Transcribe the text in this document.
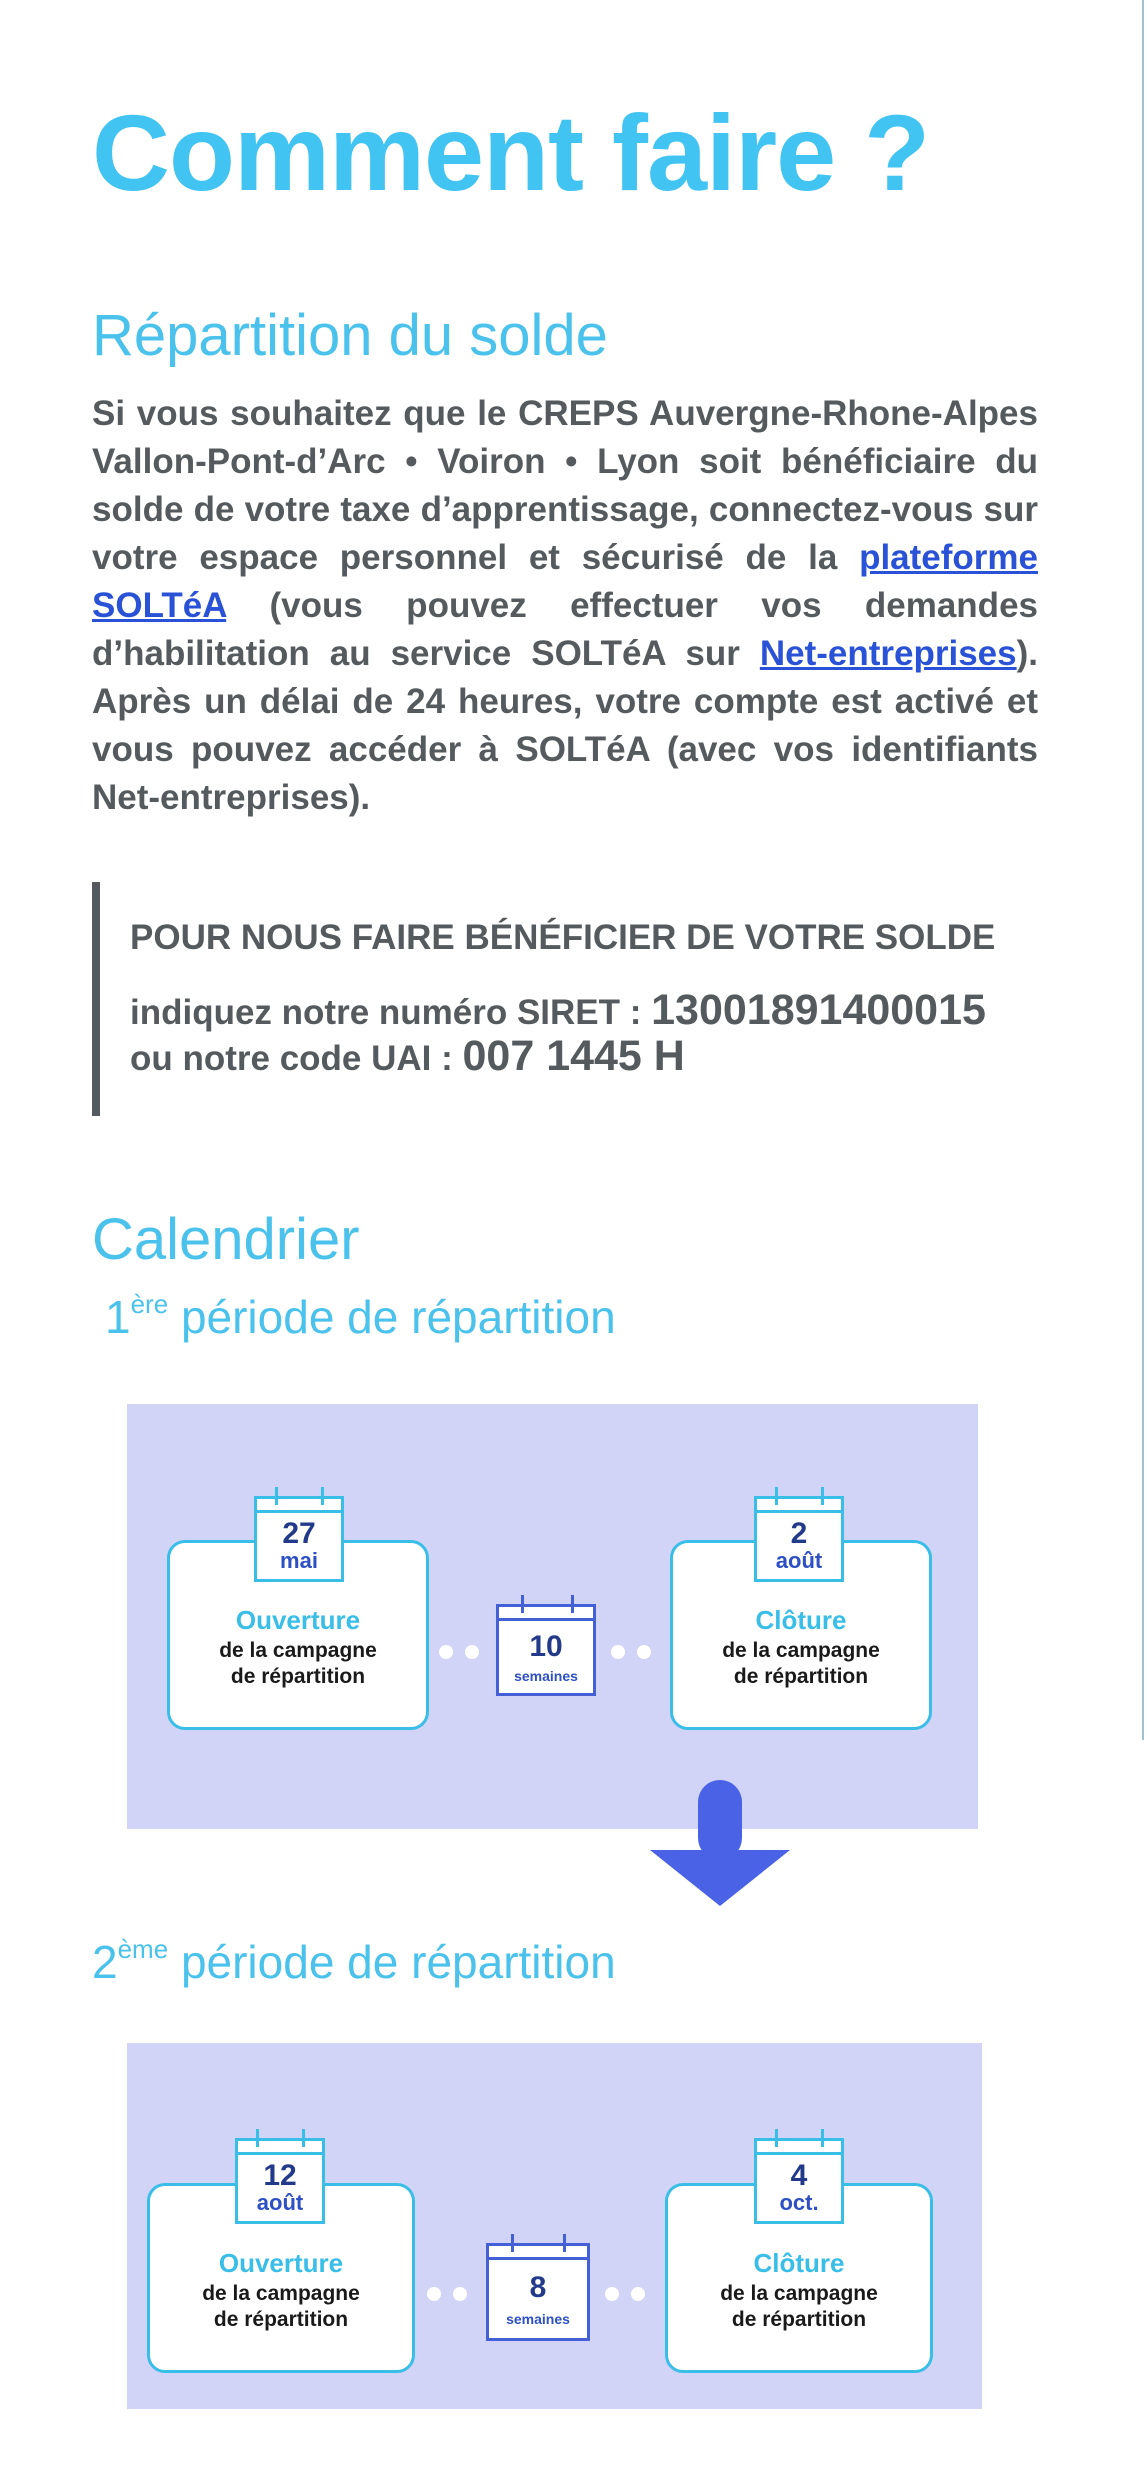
Comment faire ?
Répartition du solde

Si vous souhaitez que le CREPS Auvergne-Rhone-Alpes Vallon-Pont-d’Arc • Voiron • Lyon soit bénéficiaire du solde de votre taxe d’apprentissage, connectez-vous sur votre espace personnel et sécurisé de la plateforme SOLTéA (vous pouvez effectuer vos demandes d’habilitation au service SOLTéA sur Net-entreprises). Après un délai de 24 heures, votre compte est activé et vous pouvez accéder à SOLTéA (avec vos identifiants Net-entreprises).

POUR NOUS FAIRE BÉNÉFICIER DE VOTRE SOLDE

indiquez notre numéro SIRET : 13001891400015

ou notre code UAI : 007 1445 H

Calendrier
1ère période de répartition
Ouverture
de la campagne
de répartition
27
mai
10
semaines
Clôture
de la campagne
de répartition
2
août
2ème période de répartition
Ouverture
de la campagne
de répartition
12
août
8
semaines
Clôture
de la campagne
de répartition
4
oct.
